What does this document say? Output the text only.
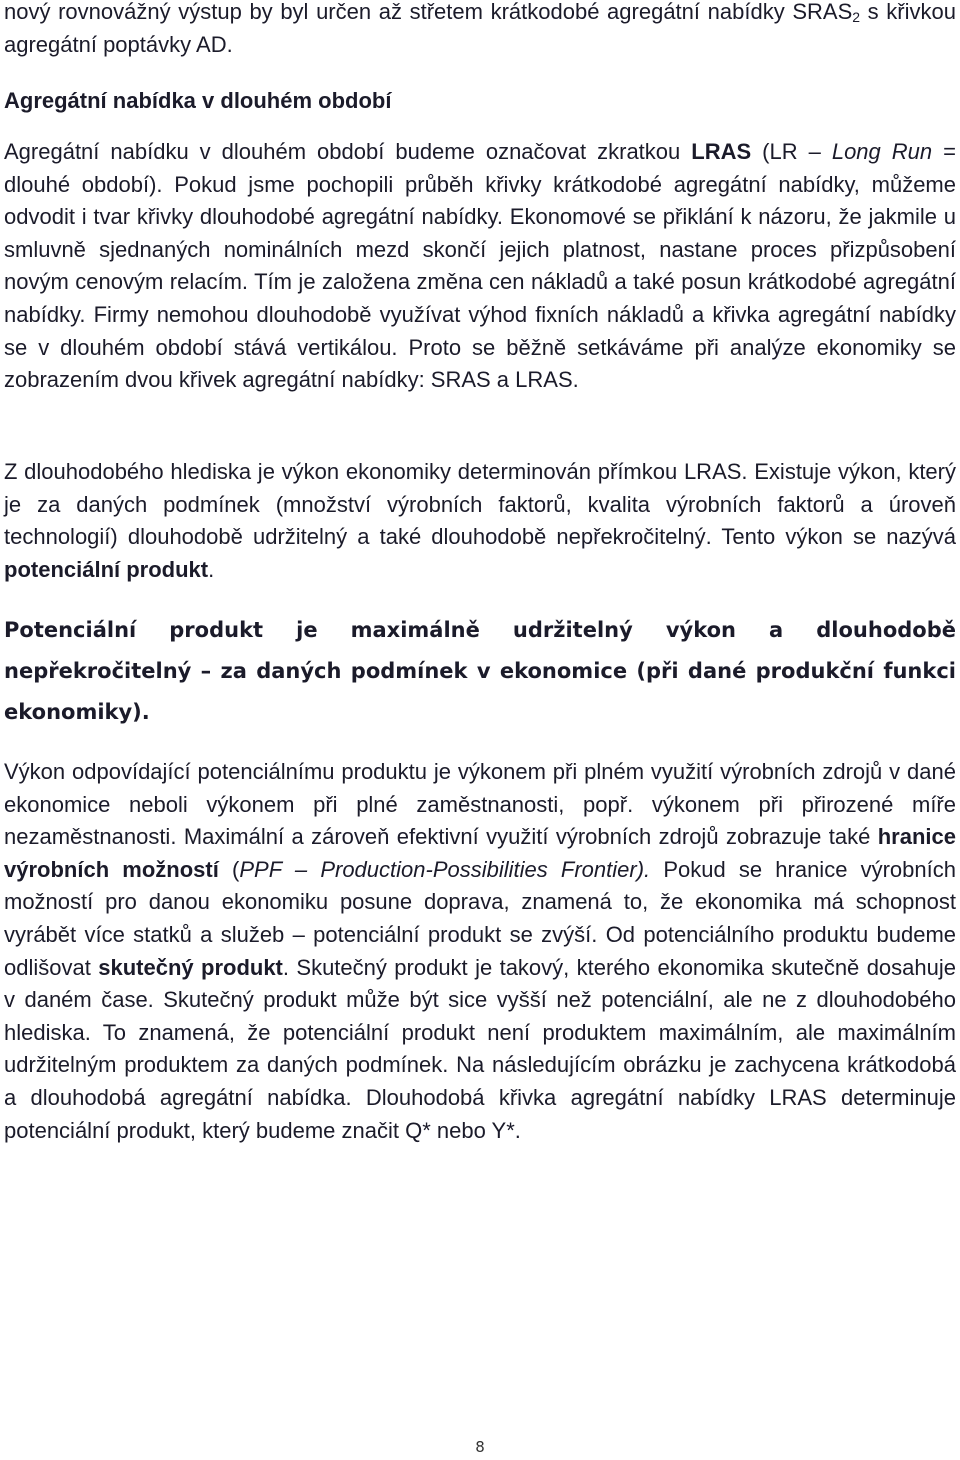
nový rovnovážný výstup by byl určen až střetem krátkodobé agregátní nabídky $SRAS_2$ s křivkou agregátní poptávky AD.

Agregátní nabídka v dlouhém období

Agregátní nabídku v dlouhém období budeme označovat zkratkou LRAS (LR – Long Run = dlouhé období). Pokud jsme pochopili průběh křivky krátkodobé agregátní nabídky, můžeme odvodit i tvar křivky dlouhodobé agregátní nabídky. Ekonomové se přiklání k názoru, že jakmile u smluvně sjednaných nominálních mezd skončí jejich platnost, nastane proces přizpůsobení novým cenovým relacím. Tím je založena změna cen nákladů a také posun krátkodobé agregátní nabídky. Firmy nemohou dlouhodobě využívat výhod fixních nákladů a křivka agregátní nabídky se v dlouhém období stává vertikálou. Proto se běžně setkáváme při analýze ekonomiky se zobrazením dvou křivek agregátní nabídky: SRAS a LRAS.

Z dlouhodobého hlediska je výkon ekonomiky determinován přímkou LRAS. Existuje výkon, který je za daných podmínek (množství výrobních faktorů, kvalita výrobních faktorů a úroveň technologií) dlouhodobě udržitelný a také dlouhodobě nepřekročitelný. Tento výkon se nazývá potenciální produkt.

Potenciální produkt je maximálně udržitelný výkon a dlouhodobě nepřekročitelný – za daných podmínek v ekonomice (při dané produkční funkci ekonomiky).

Výkon odpovídající potenciálnímu produktu je výkonem při plném využití výrobních zdrojů v dané ekonomice neboli výkonem při plné zaměstnanosti, popř. výkonem při přirozené míře nezaměstnanosti. Maximální a zároveň efektivní využití výrobních zdrojů zobrazuje také hranice výrobních možností (PPF – Production-Possibilities Frontier). Pokud se hranice výrobních možností pro danou ekonomiku posune doprava, znamená to, že ekonomika má schopnost vyrábět více statků a služeb – potenciální produkt se zvýší. Od potenciálního produktu budeme odlišovat skutečný produkt. Skutečný produkt je takový, kterého ekonomika skutečně dosahuje v daném čase. Skutečný produkt může být sice vyšší než potenciální, ale ne z dlouhodobého hlediska. To znamená, že potenciální produkt není produktem maximálním, ale maximálním udržitelným produktem za daných podmínek. Na následujícím obrázku je zachycena krátkodobá a dlouhodobá agregátní nabídka. Dlouhodobá křivka agregátní nabídky LRAS determinuje potenciální produkt, který budeme značit Q* nebo Y*.

8
